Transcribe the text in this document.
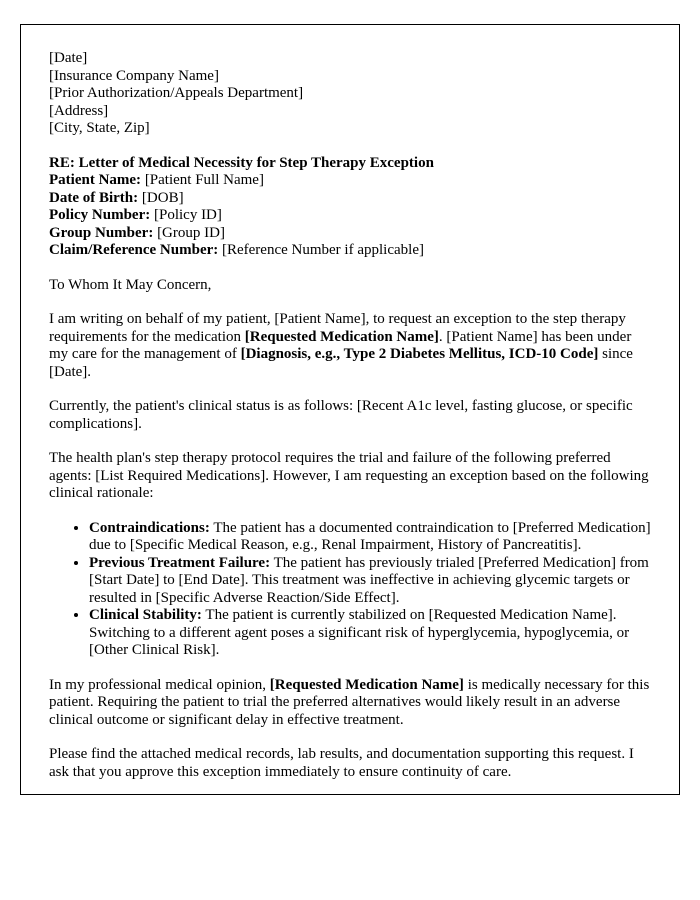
[Date]
[Insurance Company Name]
[Prior Authorization/Appeals Department]
[Address]
[City, State, Zip]
RE: Letter of Medical Necessity for Step Therapy Exception
Patient Name: [Patient Full Name]
Date of Birth: [DOB]
Policy Number: [Policy ID]
Group Number: [Group ID]
Claim/Reference Number: [Reference Number if applicable]

To Whom It May Concern,

I am writing on behalf of my patient, [Patient Name], to request an exception to the step therapy requirements for the medication [Requested Medication Name]. [Patient Name] has been under my care for the management of [Diagnosis, e.g., Type 2 Diabetes Mellitus, ICD-10 Code] since [Date].

Currently, the patient's clinical status is as follows: [Recent A1c level, fasting glucose, or specific complications].

The health plan's step therapy protocol requires the trial and failure of the following preferred agents: [List Required Medications]. However, I am requesting an exception based on the following clinical rationale:

• Contraindications: The patient has a documented contraindication to [Preferred Medication] due to [Specific Medical Reason, e.g., Renal Impairment, History of Pancreatitis].
• Previous Treatment Failure: The patient has previously trialed [Preferred Medication] from [Start Date] to [End Date]. This treatment was ineffective in achieving glycemic targets or resulted in [Specific Adverse Reaction/Side Effect].
• Clinical Stability: The patient is currently stabilized on [Requested Medication Name]. Switching to a different agent poses a significant risk of hyperglycemia, hypoglycemia, or [Other Clinical Risk].

In my professional medical opinion, [Requested Medication Name] is medically necessary for this patient. Requiring the patient to trial the preferred alternatives would likely result in an adverse clinical outcome or significant delay in effective treatment.

Please find the attached medical records, lab results, and documentation supporting this request. I ask that you approve this exception immediately to ensure continuity of care.
